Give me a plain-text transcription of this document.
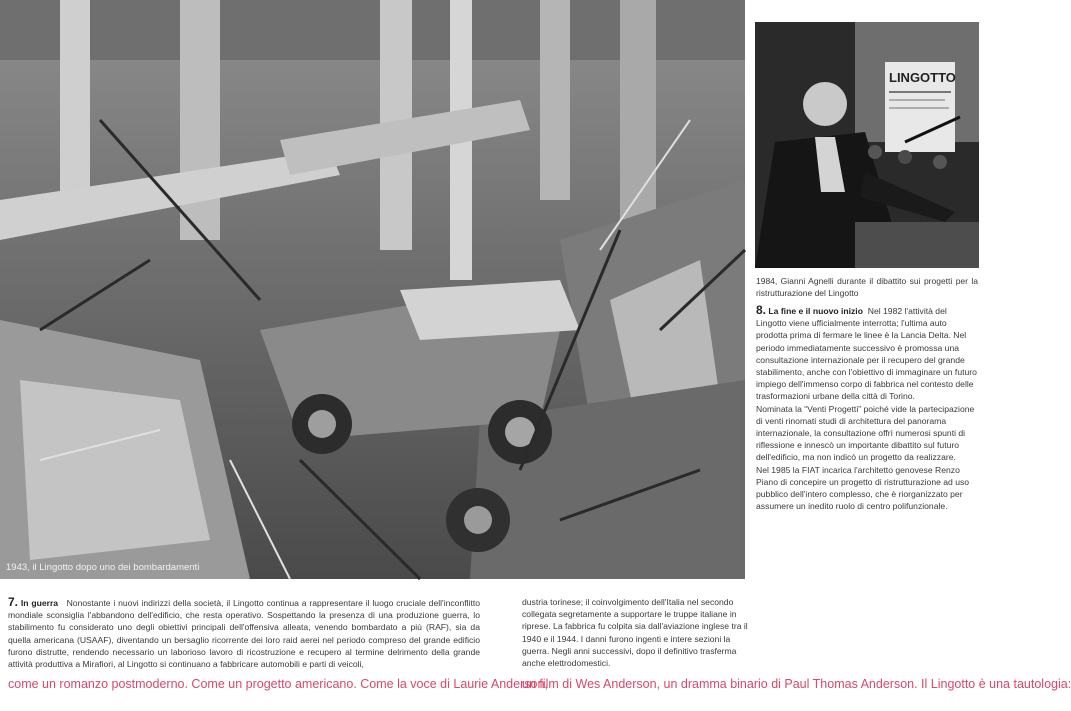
1943, il Lingotto dopo uno dei bombardamenti
LINGOTTO
1984, Gianni Agnelli durante il dibattito sui progetti per la ristrutturazione del Lingotto

8. La fine e il nuovo inizio Nel 1982 l'attività del Lingotto viene ufficialmente interrotta; l'ultima auto prodotta prima di fermare le linee è la Lancia Delta. Nel periodo immediatamente successivo è promossa una consultazione internazionale per il recupero del grande stabilimento, anche con l'obiettivo di immaginare un futuro impiego dell'immenso corpo di fabbrica nel contesto delle trasformazioni urbane della città di Torino.

Nominata la “Venti Progetti” poiché vide la partecipazione di venti rinomati studi di architettura del panorama internazionale, la consultazione offrì numerosi spunti di riflessione e innescò un importante dibattito sul futuro dell'edificio, ma non indicò un progetto da realizzare.

Nel 1985 la FIAT incarica l'architetto genovese Renzo Piano di concepire un progetto di ristrutturazione ad uso pubblico dell'intero complesso, che è riorganizzato per assumere un inedito ruolo di centro polifunzionale.

7. In guerra Nonostante i nuovi indirizzi della società, il Lingotto continua a rappresentare il luogo cruciale dell'inconflitto mondiale sconsiglia l'abbandono dell'edificio, che resta operativo. Sospettando la presenza di una produzione guerra, lo stabilimento fu considerato uno degli obiettivi principali dell'offensiva alleata, venendo bombardato a più (RAF), sia da quella americana (USAAF), diventando un bersaglio ricorrente dei loro raid aerei nel periodo compreso del grande edificio furono distrutte, rendendo necessario un laborioso lavoro di ricostruzione e recupero al termine delrimento della grande attività produttiva a Mirafiori, al Lingotto si continuano a fabbricare automobili e parti di veicoli,

dustria torinese; il coinvolgimento dell'Italia nel secondo collegata segretamente a supportare le truppe italiane in riprese. La fabbrica fu colpita sia dall'aviazione inglese tra il 1940 e il 1944. I danni furono ingenti e intere sezioni la guerra. Negli anni successivi, dopo il definitivo trasferma anche elettrodomestici.

come un romanzo postmoderno. Come un progetto americano. Come la voce di Laurie Anderson,
un film di Wes Anderson, un dramma binario di Paul Thomas Anderson. Il Lingotto è una tautologia:
